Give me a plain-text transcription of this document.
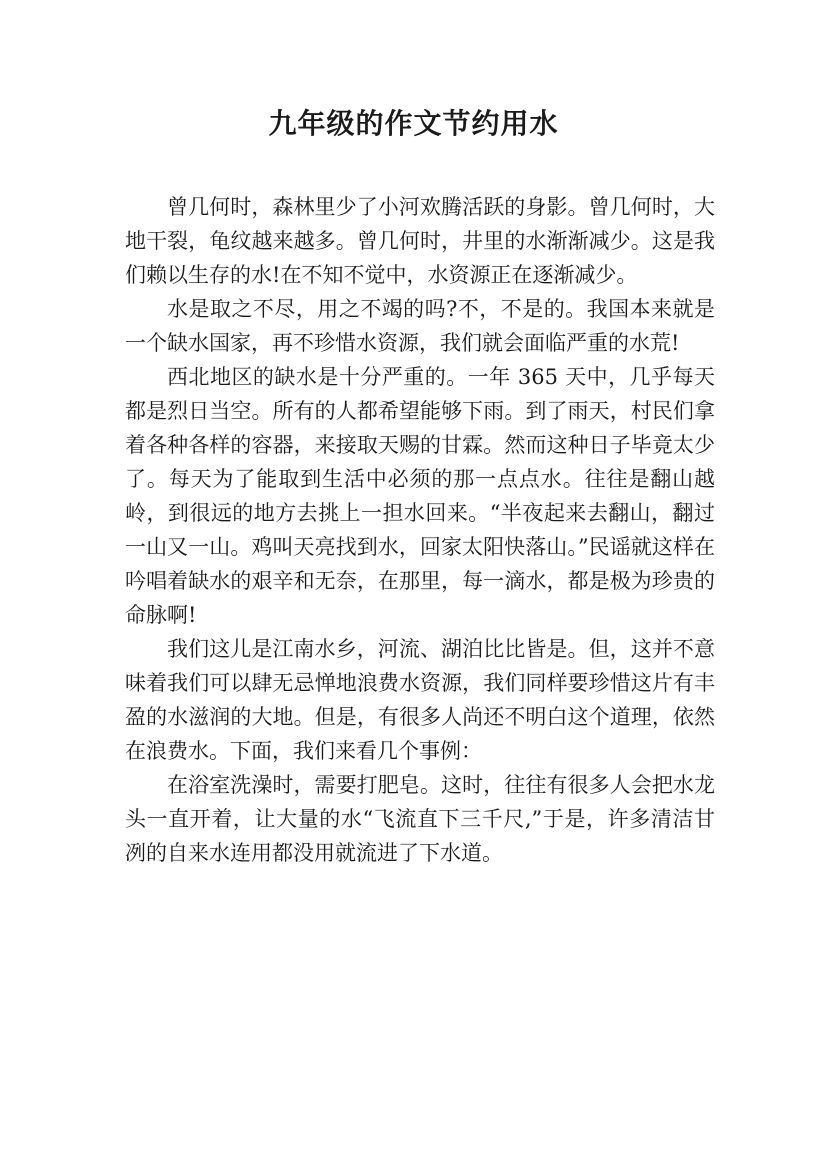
九年级的作文节约用水

曾几何时，森林里少了小河欢腾活跃的身影。曾几何时，大地干裂，龟纹越来越多。曾几何时，井里的水渐渐减少。这是我们赖以生存的水!在不知不觉中，水资源正在逐渐减少。

水是取之不尽，用之不竭的吗?不，不是的。我国本来就是一个缺水国家，再不珍惜水资源，我们就会面临严重的水荒!

西北地区的缺水是十分严重的。一年 365 天中，几乎每天都是烈日当空。所有的人都希望能够下雨。到了雨天，村民们拿着各种各样的容器，来接取天赐的甘霖。然而这种日子毕竟太少了。每天为了能取到生活中必须的那一点点水。往往是翻山越岭，到很远的地方去挑上一担水回来。“半夜起来去翻山，翻过一山又一山。鸡叫天亮找到水，回家太阳快落山。”民谣就这样在吟唱着缺水的艰辛和无奈，在那里，每一滴水，都是极为珍贵的命脉啊!

我们这儿是江南水乡，河流、湖泊比比皆是。但，这并不意味着我们可以肆无忌惮地浪费水资源，我们同样要珍惜这片有丰盈的水滋润的大地。但是，有很多人尚还不明白这个道理，依然在浪费水。下面，我们来看几个事例：

在浴室洗澡时，需要打肥皂。这时，往往有很多人会把水龙头一直开着，让大量的水“飞流直下三千尺,”于是，许多清洁甘冽的自来水连用都没用就流进了下水道。
